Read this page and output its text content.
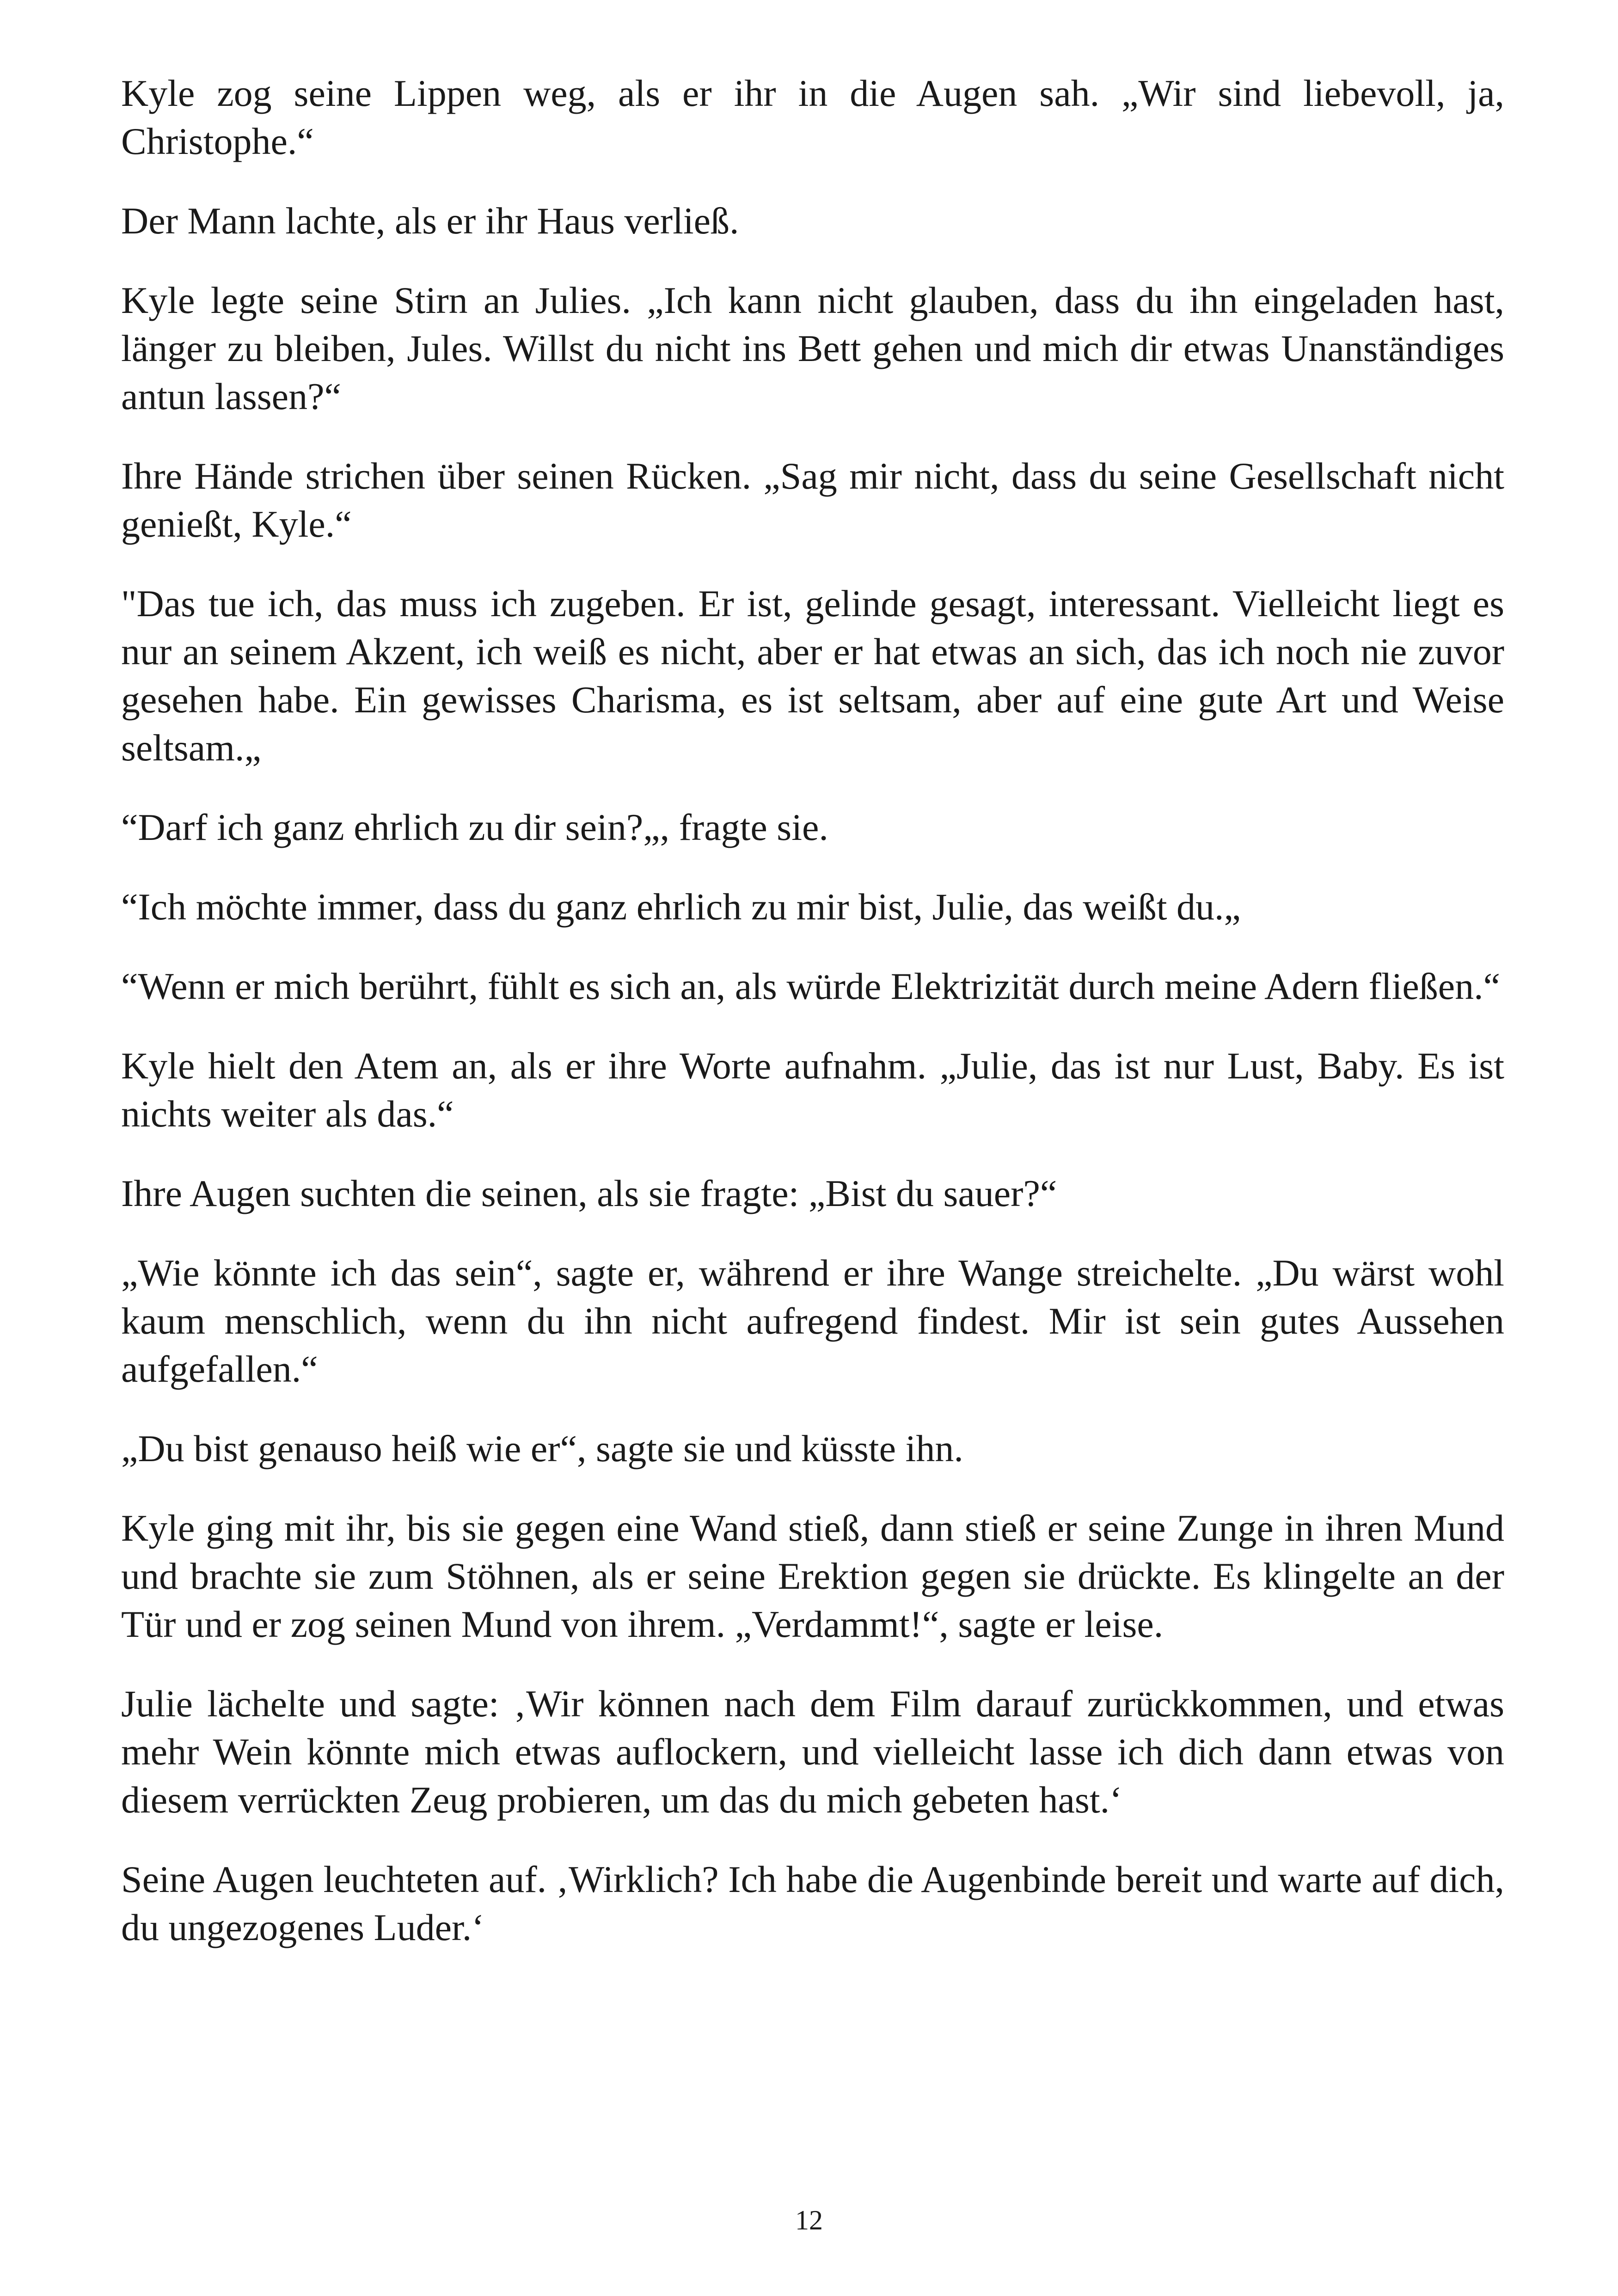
Kyle zog seine Lippen weg, als er ihr in die Augen sah. „Wir sind liebevoll, ja, Christophe.“

Der Mann lachte, als er ihr Haus verließ.

Kyle legte seine Stirn an Julies. „Ich kann nicht glauben, dass du ihn eingeladen hast, länger zu bleiben, Jules. Willst du nicht ins Bett gehen und mich dir etwas Unanständiges antun lassen?“

Ihre Hände strichen über seinen Rücken. „Sag mir nicht, dass du seine Gesellschaft nicht genießt, Kyle.“

"Das tue ich, das muss ich zugeben. Er ist, gelinde gesagt, interessant. Vielleicht liegt es nur an seinem Akzent, ich weiß es nicht, aber er hat etwas an sich, das ich noch nie zuvor gesehen habe. Ein gewisses Charisma, es ist seltsam, aber auf eine gute Art und Weise seltsam.„

“Darf ich ganz ehrlich zu dir sein?„, fragte sie.

“Ich möchte immer, dass du ganz ehrlich zu mir bist, Julie, das weißt du.„

“Wenn er mich berührt, fühlt es sich an, als würde Elektrizität durch meine Adern fließen.“

Kyle hielt den Atem an, als er ihre Worte aufnahm. „Julie, das ist nur Lust, Baby. Es ist nichts weiter als das.“

Ihre Augen suchten die seinen, als sie fragte: „Bist du sauer?“

„Wie könnte ich das sein“, sagte er, während er ihre Wange streichelte. „Du wärst wohl kaum menschlich, wenn du ihn nicht aufregend findest. Mir ist sein gutes Aussehen aufgefallen.“

„Du bist genauso heiß wie er“, sagte sie und küsste ihn.

Kyle ging mit ihr, bis sie gegen eine Wand stieß, dann stieß er seine Zunge in ihren Mund und brachte sie zum Stöhnen, als er seine Erektion gegen sie drückte. Es klingelte an der Tür und er zog seinen Mund von ihrem. „Verdammt!“, sagte er leise.

Julie lächelte und sagte: ‚Wir können nach dem Film darauf zurückkommen, und etwas mehr Wein könnte mich etwas auflockern, und vielleicht lasse ich dich dann etwas von diesem verrückten Zeug probieren, um das du mich gebeten hast.‘

Seine Augen leuchteten auf. ‚Wirklich? Ich habe die Augenbinde bereit und warte auf dich, du ungezogenes Luder.‘

12
